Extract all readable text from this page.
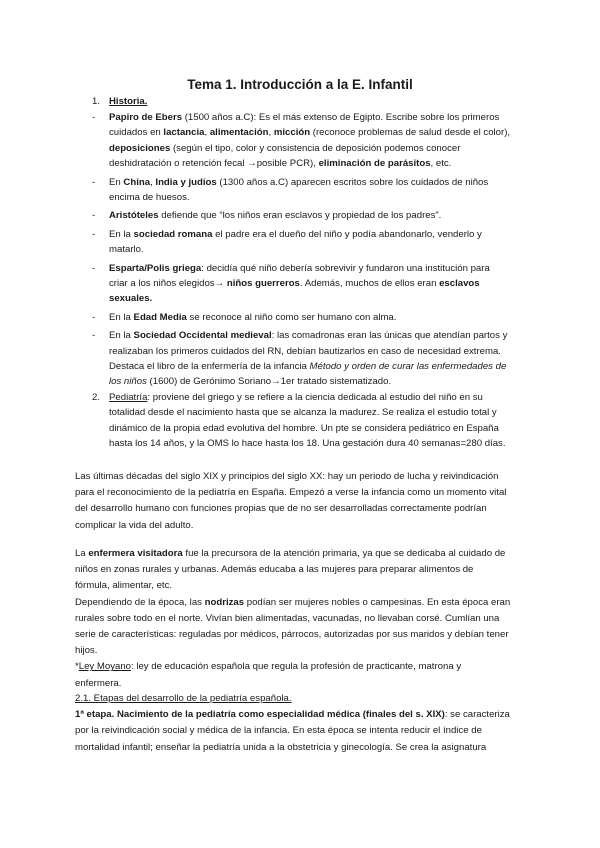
Tema 1. Introducción a la E. Infantil
1. Historia.
- Papiro de Ebers (1500 años a.C): Es el más extenso de Egipto. Escribe sobre los primeros
cuidados en lactancia, alimentación, micción (reconoce problemas de salud desde el color),
deposiciones (según el tipo, color y consistencia de deposición podemos conocer
deshidratación o retención fecal →posible PCR), eliminación de parásitos, etc.
- En China, India y judíos (1300 años a.C) aparecen escritos sobre los cuidados de niños
encima de huesos.
- Aristóteles defiende que “los niños eran esclavos y propiedad de los padres”.
- En la sociedad romana el padre era el dueño del niño y podía abandonarlo, venderlo y
matarlo.
- Esparta/Polis griega: decidía qué niño debería sobrevivir y fundaron una institución para
criar a los niños elegidos→ niños guerreros. Además, muchos de ellos eran esclavos
sexuales.
- En la Edad Media se reconoce al niño como ser humano con alma.
- En la Sociedad Occidental medieval: las comadronas eran las únicas que atendían partos y
realizaban los primeros cuidados del RN, debían bautizarlos en caso de necesidad extrema.
Destaca el libro de la enfermería de la infancia Método y orden de curar las enfermedades de
los niños (1600) de Gerónimo Soriano→1er tratado sistematizado.
2. Pediatría: proviene del griego y se refiere a la ciencia dedicada al estudio del niño en su
totalidad desde el nacimiento hasta que se alcanza la madurez. Se realiza el estudio total y
dinámico de la propia edad evolutiva del hombre. Un pte se considera pediátrico en España
hasta los 14 años, y la OMS lo hace hasta los 18. Una gestación dura 40 semanas=280 días.
Las últimas décadas del siglo XIX y principios del siglo XX: hay un periodo de lucha y reivindicación
para el reconocimiento de la pediatría en España. Empezó a verse la infancia como un momento vital
del desarrollo humano con funciones propias que de no ser desarrolladas correctamente podrían
complicar la vida del adulto.
La enfermera visitadora fue la precursora de la atención primaria, ya que se dedicaba al cuidado de
niños en zonas rurales y urbanas. Además educaba a las mujeres para preparar alimentos de
fórmula, alimentar, etc.
Dependiendo de la época, las nodrizas podían ser mujeres nobles o campesinas. En esta época eran
rurales sobre todo en el norte. Vivían bien alimentadas, vacunadas, no llevaban corsé. Cumlían una
serie de características: reguladas por médicos, párrocos, autorizadas por sus maridos y debían tener
hijos.
*Ley Moyano: ley de educación española que regula la profesión de practicante, matrona y
enfermera.
2.1. Etapas del desarrollo de la pediatría española.
1ª etapa. Nacimiento de la pediatría como especialidad médica (finales del s. XIX): se caracteriza
por la reivindicación social y médica de la infancia. En esta época se intenta reducir el índice de
mortalidad infantil; enseñar la pediatría unida a la obstetricia y ginecología. Se crea la asignatura
